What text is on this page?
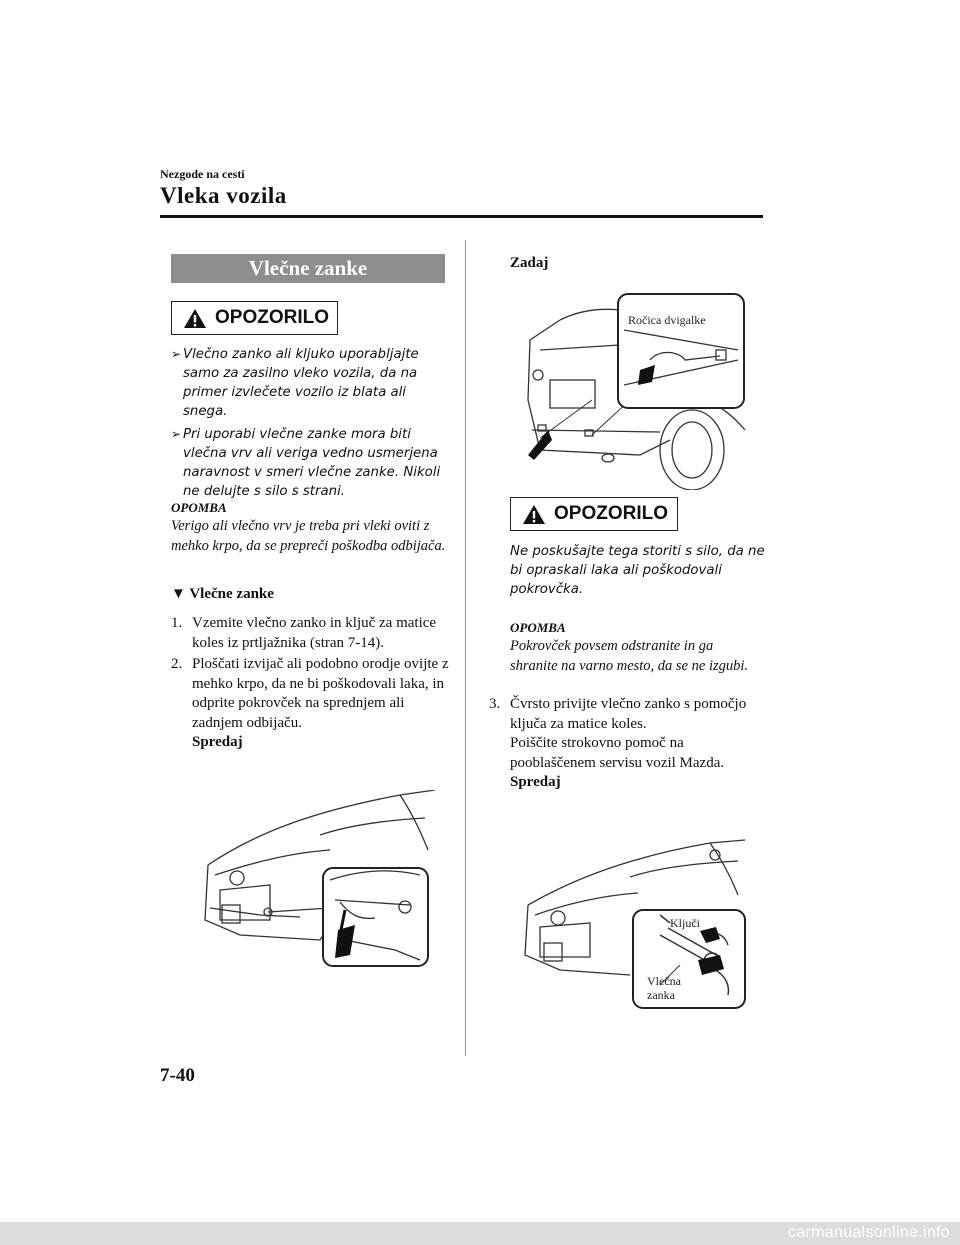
Nezgode na cesti
Vleka vozila
Vlečne zanke
OPOZORILO
➢ Vlečno zanko ali kljuko uporabljajte samo za zasilno vleko vozila, da na primer izvlečete vozilo iz blata ali snega.
➢ Pri uporabi vlečne zanke mora biti vlečna vrv ali veriga vedno usmerjena naravnost v smeri vlečne zanke. Nikoli ne delujte s silo s strani.
OPOMBA
Verigo ali vlečno vrv je treba pri vleki oviti z mehko krpo, da se prepreči poškodba odbijača.
▼ Vlečne zanke
1. Vzemite vlečno zanko in ključ za matice koles iz prtljažnika (stran 7-14).
2. Ploščati izvijač ali podobno orodje ovijte z mehko krpo, da ne bi poškodovali laka, in odprite pokrovček na sprednjem ali zadnjem odbijaču.
Spredaj
Zadaj
Ročica dvigalke
OPOZORILO
Ne poskušajte tega storiti s silo, da ne bi opraskali laka ali poškodovali pokrovčka.
OPOMBA
Pokrovček povsem odstranite in ga shranite na varno mesto, da se ne izgubi.
3. Čvrsto privijte vlečno zanko s pomočjo ključa za matice koles.
Poiščite strokovno pomoč na pooblaščenem servisu vozil Mazda.
Spredaj
Ključi
Vlečna
zanka
7-40
carmanualsonline.info
